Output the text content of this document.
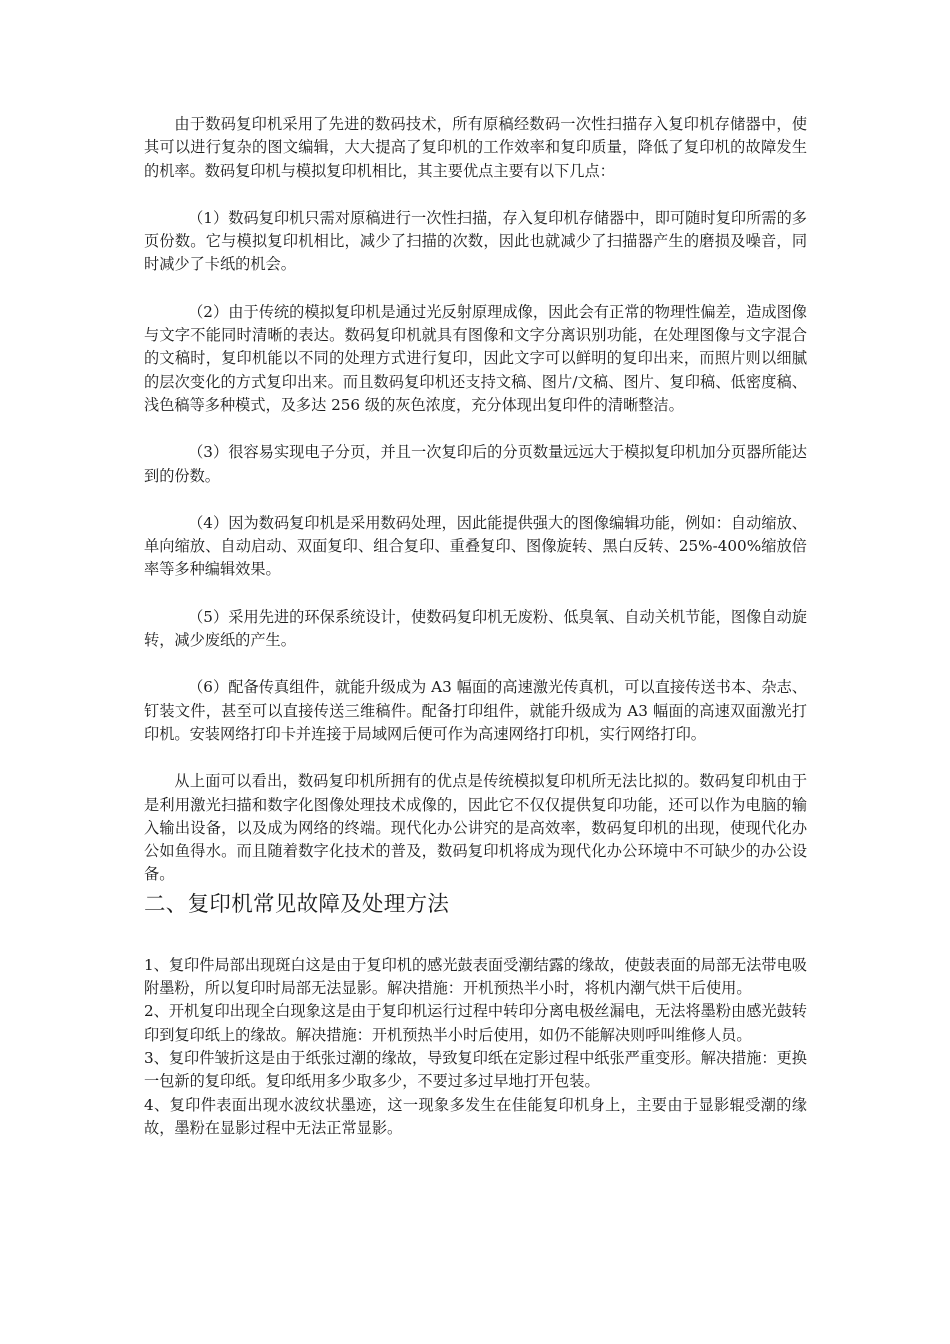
由于数码复印机采用了先进的数码技术，所有原稿经数码一次性扫描存入复印机存储器中，使其可以进行复杂的图文编辑，大大提高了复印机的工作效率和复印质量，降低了复印机的故障发生的机率。数码复印机与模拟复印机相比，其主要优点主要有以下几点：

（1）数码复印机只需对原稿进行一次性扫描，存入复印机存储器中，即可随时复印所需的多页份数。它与模拟复印机相比，减少了扫描的次数，因此也就减少了扫描器产生的磨损及噪音，同时减少了卡纸的机会。

（2）由于传统的模拟复印机是通过光反射原理成像，因此会有正常的物理性偏差，造成图像与文字不能同时清晰的表达。数码复印机就具有图像和文字分离识别功能，在处理图像与文字混合的文稿时，复印机能以不同的处理方式进行复印，因此文字可以鲜明的复印出来，而照片则以细腻的层次变化的方式复印出来。而且数码复印机还支持文稿、图片/文稿、图片、复印稿、低密度稿、浅色稿等多种模式，及多达 256 级的灰色浓度，充分体现出复印件的清晰整洁。

（3）很容易实现电子分页，并且一次复印后的分页数量远远大于模拟复印机加分页器所能达到的份数。

（4）因为数码复印机是采用数码处理，因此能提供强大的图像编辑功能，例如：自动缩放、单向缩放、自动启动、双面复印、组合复印、重叠复印、图像旋转、黑白反转、25%-400%缩放倍率等多种编辑效果。

（5）采用先进的环保系统设计，使数码复印机无废粉、低臭氧、自动关机节能，图像自动旋转，减少废纸的产生。

（6）配备传真组件，就能升级成为 A3 幅面的高速激光传真机，可以直接传送书本、杂志、钉装文件，甚至可以直接传送三维稿件。配备打印组件，就能升级成为 A3 幅面的高速双面激光打印机。安装网络打印卡并连接于局域网后便可作为高速网络打印机，实行网络打印。

从上面可以看出，数码复印机所拥有的优点是传统模拟复印机所无法比拟的。数码复印机由于是利用激光扫描和数字化图像处理技术成像的，因此它不仅仅提供复印功能，还可以作为电脑的输入输出设备，以及成为网络的终端。现代化办公讲究的是高效率，数码复印机的出现，使现代化办公如鱼得水。而且随着数字化技术的普及，数码复印机将成为现代化办公环境中不可缺少的办公设备。

二、复印机常见故障及处理方法

1、复印件局部出现斑白这是由于复印机的感光鼓表面受潮结露的缘故，使鼓表面的局部无法带电吸附墨粉，所以复印时局部无法显影。解决措施：开机预热半小时，将机内潮气烘干后使用。

2、开机复印出现全白现象这是由于复印机运行过程中转印分离电极丝漏电，无法将墨粉由感光鼓转印到复印纸上的缘故。解决措施：开机预热半小时后使用，如仍不能解决则呼叫维修人员。

3、复印件皱折这是由于纸张过潮的缘故，导致复印纸在定影过程中纸张严重变形。解决措施：更换一包新的复印纸。复印纸用多少取多少，不要过多过早地打开包装。

4、复印件表面出现水波纹状墨迹，这一现象多发生在佳能复印机身上，主要由于显影辊受潮的缘故，墨粉在显影过程中无法正常显影。
